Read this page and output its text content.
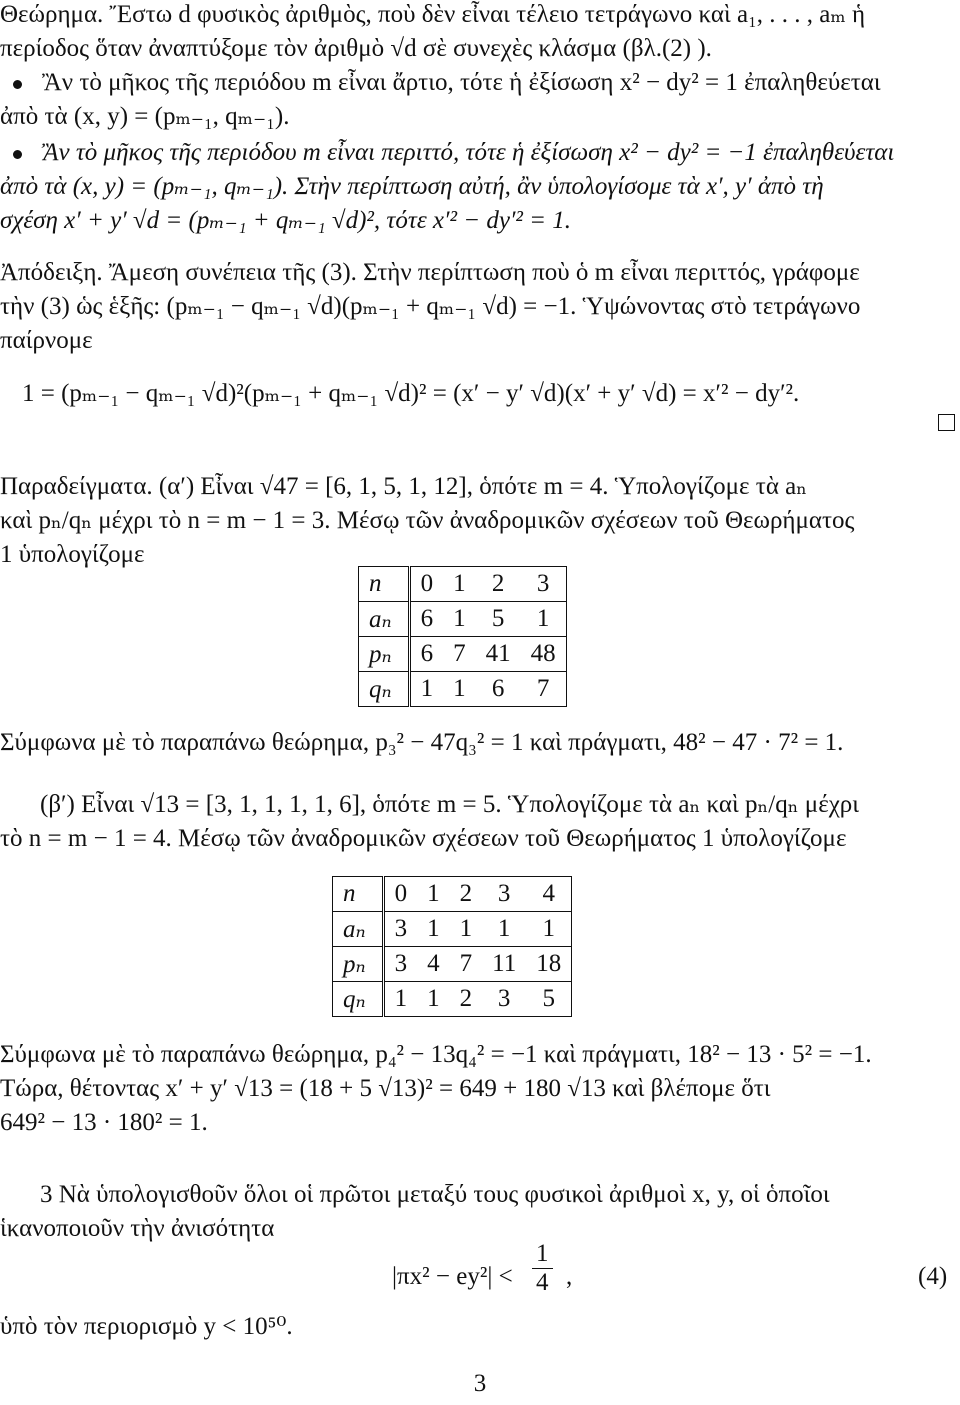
Θεώρημα. Ἔστω d φυσικὸς ἀριθμὸς, ποὺ δὲν εἶναι τέλειο τετράγωνο καὶ a₁, . . . , aₘ ἡ
περίοδος ὅταν ἀναπτύξομε τὸν ἀριθμὸ √d σὲ συνεχὲς κλάσμα (βλ.(2) ).
Ἂν τὸ μῆκος τῆς περιόδου m εἶναι ἄρτιο, τότε ἡ ἐξίσωση x² − dy² = 1 ἐπαληθεύεται
ἀπὸ τὰ (x, y) = (pₘ₋₁, qₘ₋₁).
Ἂν τὸ μῆκος τῆς περιόδου m εἶναι περιττό, τότε ἡ ἐξίσωση x² − dy² = −1 ἐπαληθεύεται
ἀπὸ τὰ (x, y) = (pₘ₋₁, qₘ₋₁). Στὴν περίπτωση αὐτή, ἂν ὑπολογίσομε τὰ x′, y′ ἀπὸ τὴ
σχέση x′ + y′ √d = (pₘ₋₁ + qₘ₋₁ √d)², τότε x′² − dy′² = 1.
Ἀπόδειξη. Ἄμεση συνέπεια τῆς (3). Στὴν περίπτωση ποὺ ὁ m εἶναι περιττός, γράφομε
τὴν (3) ὡς ἑξῆς: (pₘ₋₁ − qₘ₋₁ √d)(pₘ₋₁ + qₘ₋₁ √d) = −1. Ὑψώνοντας στὸ τετράγωνο
παίρνομε
1 = (pₘ₋₁ − qₘ₋₁ √d)²(pₘ₋₁ + qₘ₋₁ √d)² = (x′ − y′ √d)(x′ + y′ √d) = x′² − dy′².
Παραδείγματα. (α′) Εἶναι √47 = [6, 1, 5, 1, 12], ὁπότε m = 4. Ὑπολογίζομε τὰ aₙ
καὶ pₙ/qₙ μέχρι τὸ n = m − 1 = 3. Μέσῳ τῶν ἀναδρομικῶν σχέσεων τοῦ Θεωρήματος
1 ὑπολογίζομε
n	0	1	2	3
aₙ	6	1	5	1
pₙ	6	7	41	48
qₙ	1	1	6	7
Σύμφωνα μὲ τὸ παραπάνω θεώρημα, p₃² − 47q₃² = 1 καὶ πράγματι, 48² − 47 · 7² = 1.
(β′) Εἶναι √13 = [3, 1, 1, 1, 1, 6], ὁπότε m = 5. Ὑπολογίζομε τὰ aₙ καὶ pₙ/qₙ μέχρι
τὸ n = m − 1 = 4. Μέσῳ τῶν ἀναδρομικῶν σχέσεων τοῦ Θεωρήματος 1 ὑπολογίζομε
n	0	1	2	3	4
aₙ	3	1	1	1	1
pₙ	3	4	7	11	18
qₙ	1	1	2	3	5
Σύμφωνα μὲ τὸ παραπάνω θεώρημα, p₄² − 13q₄² = −1 καὶ πράγματι, 18² − 13 · 5² = −1.
Τώρα, θέτοντας x′ + y′ √13 = (18 + 5 √13)² = 649 + 180 √13 καὶ βλέπομε ὅτι
649² − 13 · 180² = 1.
3 Νὰ ὑπολογισθοῦν ὅλοι οἱ πρῶτοι μεταξύ τους φυσικοὶ ἀριθμοὶ x, y, οἱ ὁποῖοι
ἱκανοποιοῦν τὴν ἀνισότητα
$|\pi x^2 - ey^2| < \frac{1}{4}$ ,	(4)
ὑπὸ τὸν περιορισμὸ y < 10⁵⁰.
3
